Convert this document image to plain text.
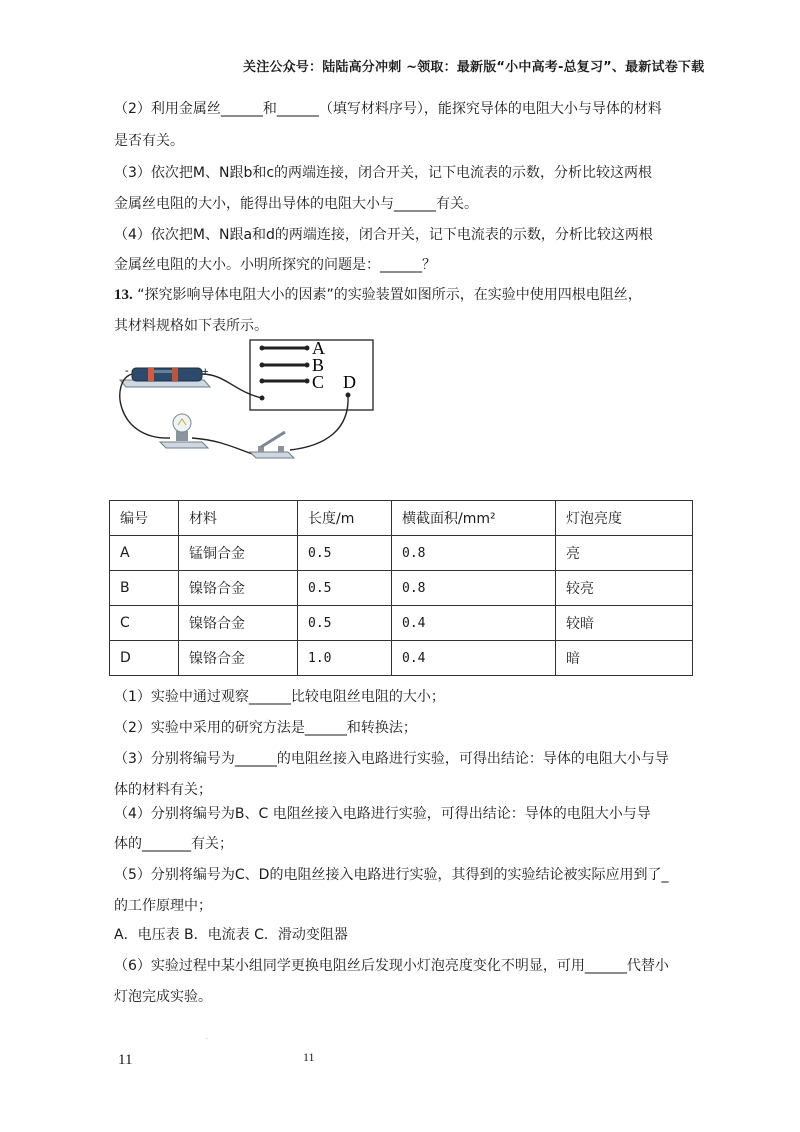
关注公众号：陆陆高分冲刺 ~领取：最新版“小中高考-总复习”、最新试卷下载
（2）利用金属丝______和______（填写材料序号），能探究导体的电阻大小与导体的材料
是否有关。
（3）依次把M、N跟b和c的两端连接，闭合开关，记下电流表的示数，分析比较这两根
金属丝电阻的大小，能得出导体的电阻大小与______有关。
（4）依次把M、N跟a和d的两端连接，闭合开关，记下电流表的示数，分析比较这两根
金属丝电阻的大小。小明所探究的问题是：______？
13. “探究影响导体电阻大小的因素”的实验装置如图所示，在实验中使用四根电阻丝，
其材料规格如下表所示。
-	+
A
B
C D
编号	材料	长度/m	横截面积/mm²	灯泡亮度
A	锰铜合金	0.5	0.8	亮
B	镍铬合金	0.5	0.8	较亮
C	镍铬合金	0.5	0.4	较暗
D	镍铬合金	1.0	0.4	暗
（1）实验中通过观察______比较电阻丝电阻的大小；
（2）实验中采用的研究方法是______和转换法；
（3）分别将编号为______的电阻丝接入电路进行实验，可得出结论：导体的电阻大小与导
体的材料有关；
（4）分别将编号为B、C 电阻丝接入电路进行实验，可得出结论：导体的电阻大小与导
体的_______有关；
（5）分别将编号为C、D的电阻丝接入电路进行实验，其得到的实验结论被实际应用到了_
的工作原理中；
A．电压表 B．电流表 C．滑动变阻器
（6）实验过程中某小组同学更换电阻丝后发现小灯泡亮度变化不明显，可用______代替小
灯泡完成实验。
.
11	11
